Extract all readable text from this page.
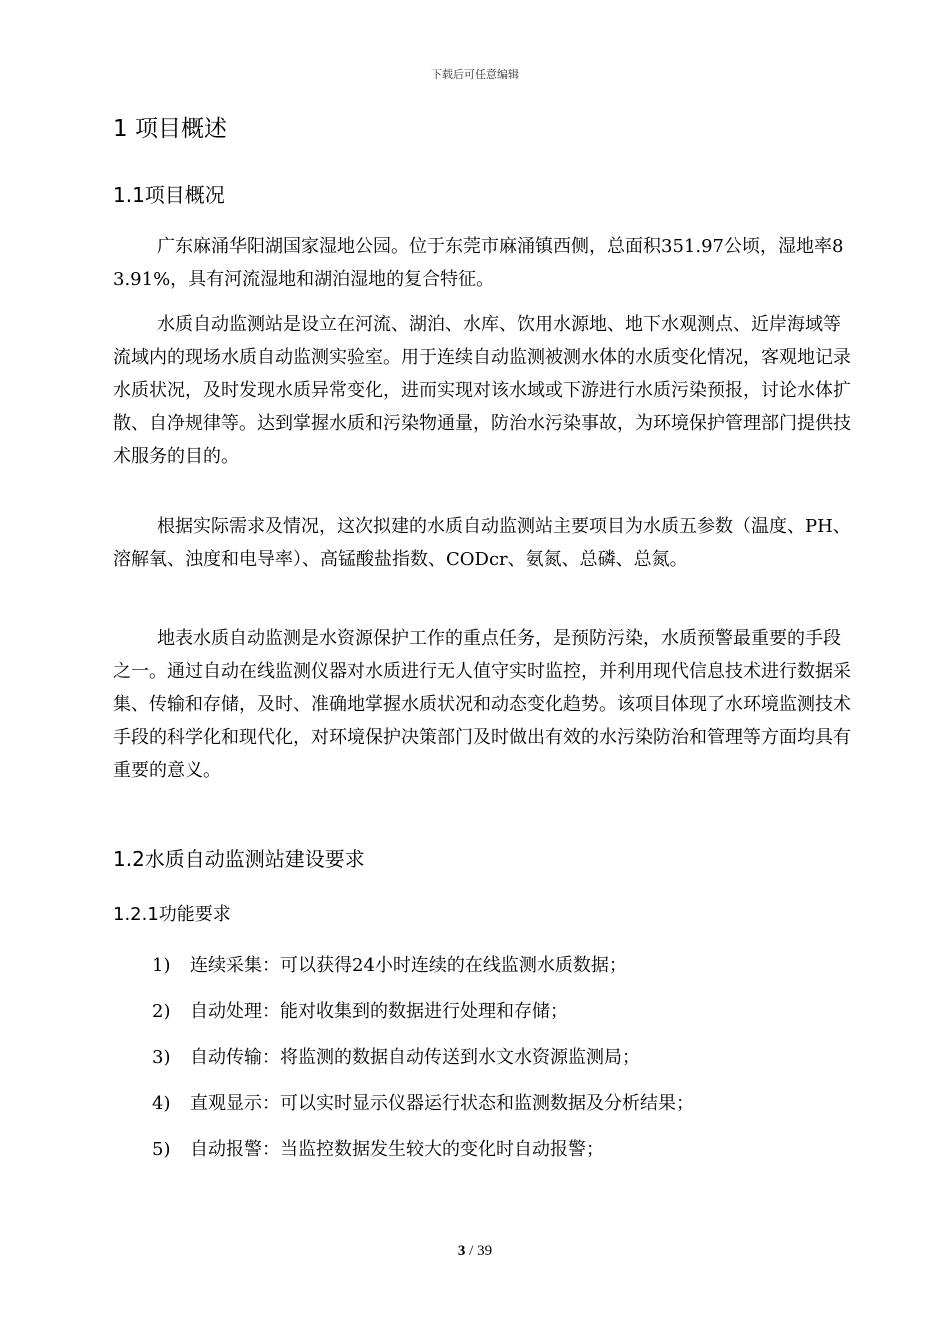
下载后可任意编辑
1 项目概述
1.1项目概况

广东麻涌华阳湖国家湿地公园。位于东莞市麻涌镇西侧，总面积351.97公顷，湿地率83.91%，具有河流湿地和湖泊湿地的复合特征。

水质自动监测站是设立在河流、湖泊、水库、饮用水源地、地下水观测点、近岸海域等流域内的现场水质自动监测实验室。用于连续自动监测被测水体的水质变化情况，客观地记录水质状况，及时发现水质异常变化，进而实现对该水域或下游进行水质污染预报，讨论水体扩散、自净规律等。达到掌握水质和污染物通量，防治水污染事故，为环境保护管理部门提供技术服务的目的。

根据实际需求及情况，这次拟建的水质自动监测站主要项目为水质五参数（温度、PH、溶解氧、浊度和电导率）、高锰酸盐指数、CODcr、氨氮、总磷、总氮。

地表水质自动监测是水资源保护工作的重点任务，是预防污染，水质预警最重要的手段之一。通过自动在线监测仪器对水质进行无人值守实时监控，并利用现代信息技术进行数据采集、传输和存储，及时、准确地掌握水质状况和动态变化趋势。该项目体现了水环境监测技术手段的科学化和现代化，对环境保护决策部门及时做出有效的水污染防治和管理等方面均具有重要的意义。

1.2水质自动监测站建设要求
1.2.1功能要求
1) 连续采集：可以获得24小时连续的在线监测水质数据；
2) 自动处理：能对收集到的数据进行处理和存储；
3) 自动传输：将监测的数据自动传送到水文水资源监测局；
4) 直观显示：可以实时显示仪器运行状态和监测数据及分析结果；
5) 自动报警：当监控数据发生较大的变化时自动报警；
3 / 39
